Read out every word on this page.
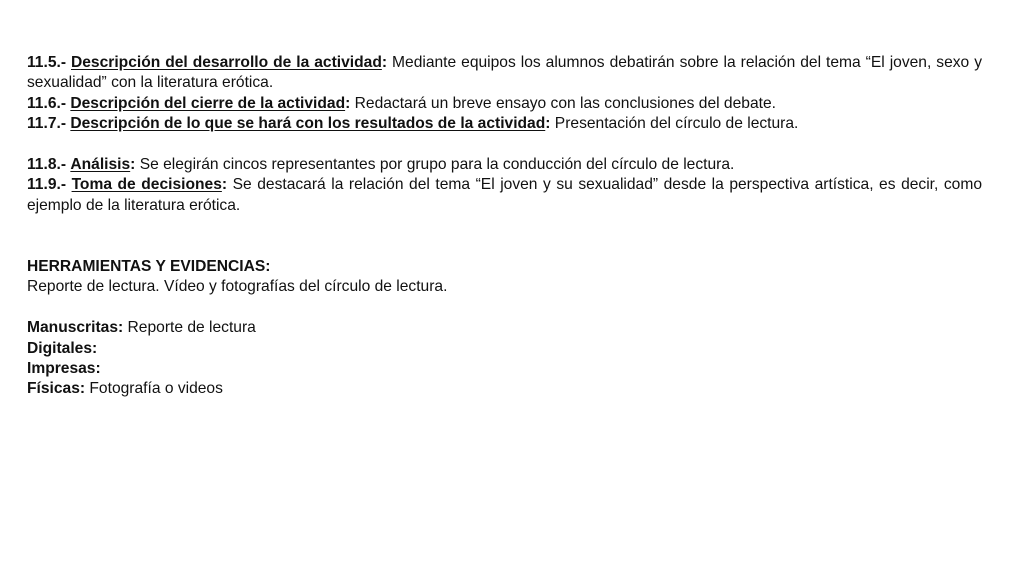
11.5.- Descripción del desarrollo de la actividad: Mediante equipos los alumnos debatirán sobre la relación del tema “El joven, sexo y sexualidad” con la literatura erótica.

11.6.- Descripción del cierre de la actividad: Redactará un breve ensayo con las conclusiones del debate.

11.7.- Descripción de lo que se hará con los resultados de la actividad: Presentación del círculo de lectura.

11.8.- Análisis: Se elegirán cincos representantes por grupo para la conducción del círculo de lectura.

11.9.- Toma de decisiones: Se destacará la relación del tema “El joven y su sexualidad” desde la perspectiva artística, es decir, como ejemplo de la literatura erótica.

HERRAMIENTAS Y EVIDENCIAS:

Reporte de lectura. Vídeo y fotografías del círculo de lectura.

Manuscritas: Reporte de lectura

Digitales:

Impresas:

Físicas: Fotografía o videos
